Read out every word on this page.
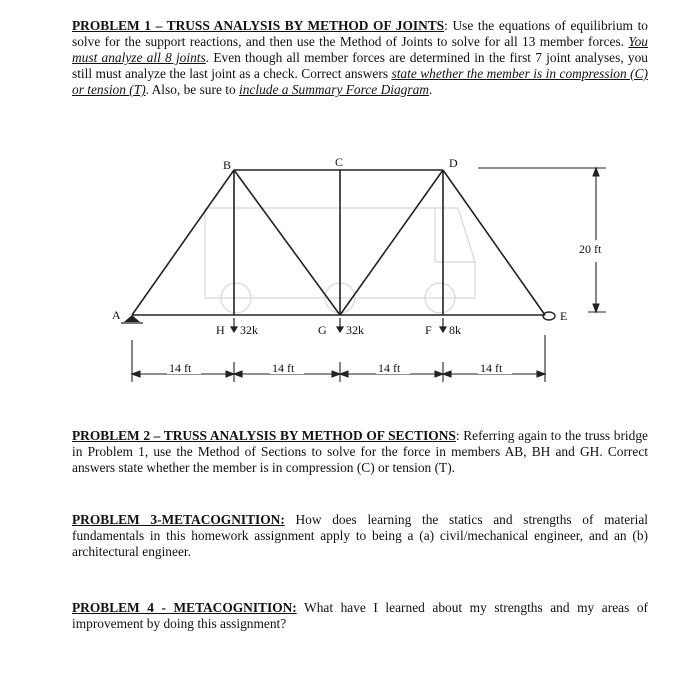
PROBLEM 1 – TRUSS ANALYSIS BY METHOD OF JOINTS: Use the equations of equilibrium to solve for the support reactions, and then use the Method of Joints to solve for all 13 member forces. You must analyze all 8 joints. Even though all member forces are determined in the first 7 joint analyses, you still must analyze the last joint as a check. Correct answers state whether the member is in compression (C) or tension (T). Also, be sure to include a Summary Force Diagram.

A
B	C	D
E
H	G	F
32k	32k	8k
20 ft
14 ft	14 ft	14 ft	14 ft

PROBLEM 2 – TRUSS ANALYSIS BY METHOD OF SECTIONS: Referring again to the truss bridge in Problem 1, use the Method of Sections to solve for the force in members AB, BH and GH. Correct answers state whether the member is in compression (C) or tension (T).

PROBLEM 3-METACOGNITION: How does learning the statics and strengths of material fundamentals in this homework assignment apply to being a (a) civil/mechanical engineer, and an (b) architectural engineer.

PROBLEM 4 - METACOGNITION: What have I learned about my strengths and my areas of improvement by doing this assignment?
